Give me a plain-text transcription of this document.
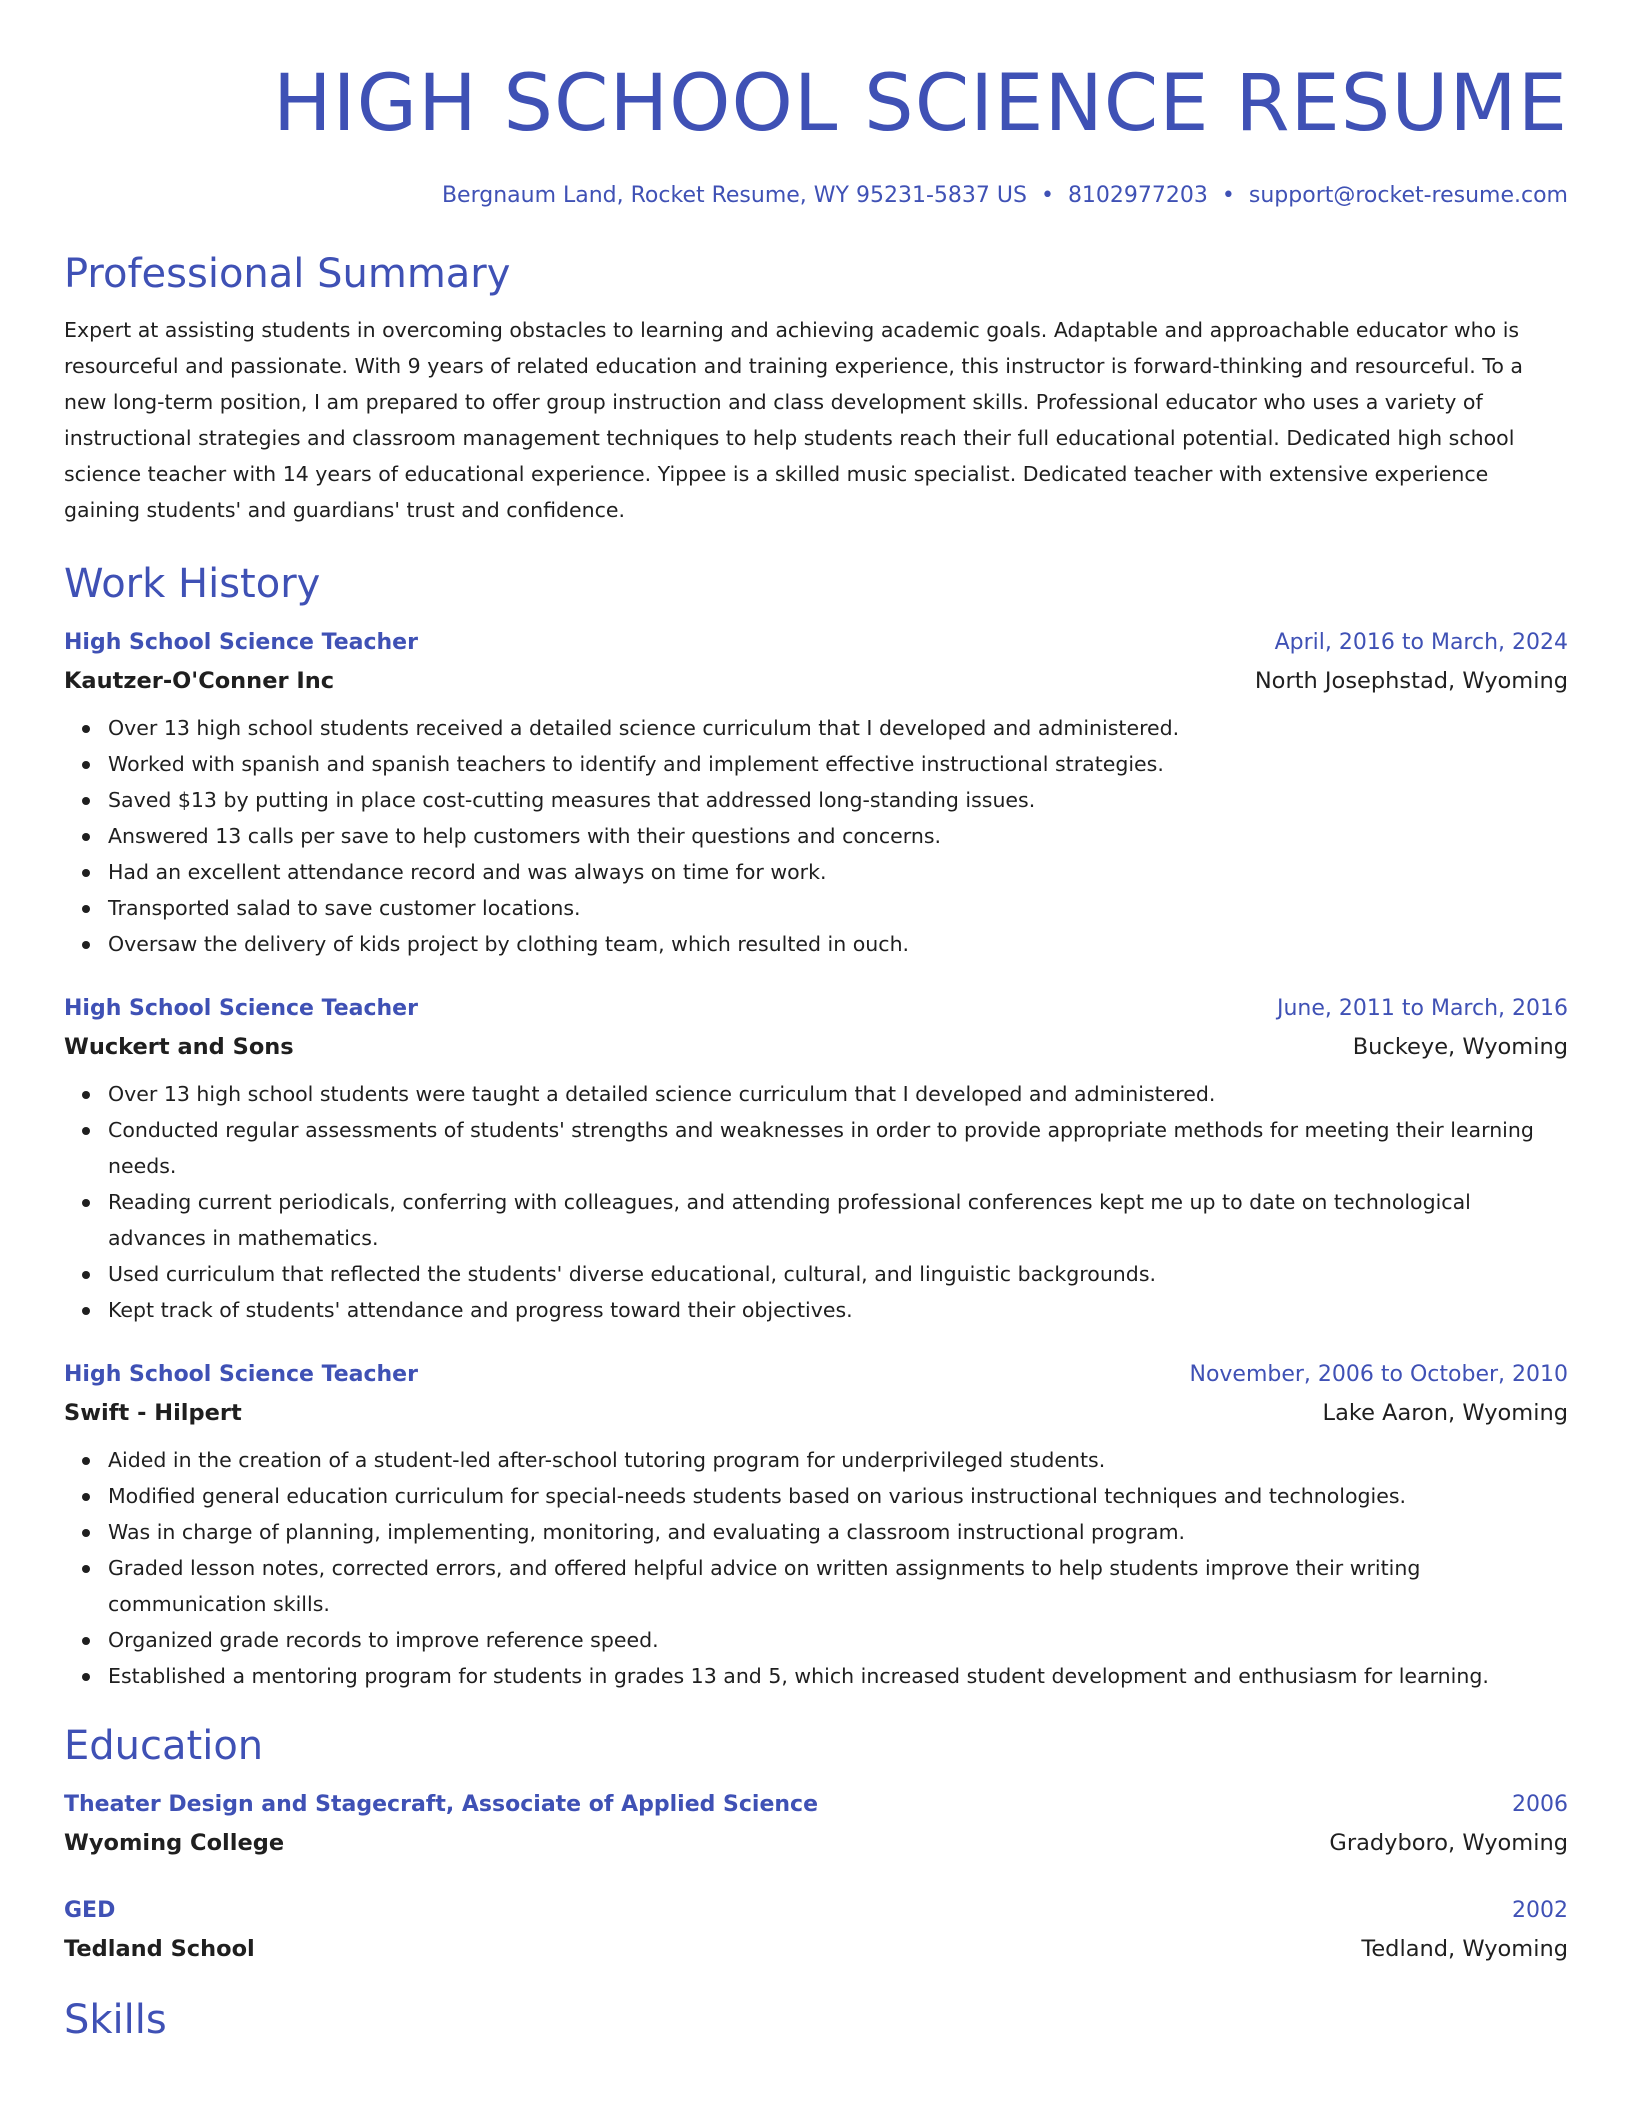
HIGH SCHOOL SCIENCE RESUME
Bergnaum Land, Rocket Resume, WY 95231-5837 US • 8102977203 • support@rocket-resume.com
Professional Summary

Expert at assisting students in overcoming obstacles to learning and achieving academic goals. Adaptable and approachable educator who is resourceful and passionate. With 9 years of related education and training experience, this instructor is forward-thinking and resourceful. To a new long-term position, I am prepared to offer group instruction and class development skills. Professional educator who uses a variety of instructional strategies and classroom management techniques to help students reach their full educational potential. Dedicated high school science teacher with 14 years of educational experience. Yippee is a skilled music specialist. Dedicated teacher with extensive experience gaining students' and guardians' trust and confidence.

Work History
High School Science Teacher	April, 2016 to March, 2024
Kautzer-O'Conner Inc	North Josephstad, Wyoming
Over 13 high school students received a detailed science curriculum that I developed and administered.
Worked with spanish and spanish teachers to identify and implement effective instructional strategies.
Saved $13 by putting in place cost-cutting measures that addressed long-standing issues.
Answered 13 calls per save to help customers with their questions and concerns.
Had an excellent attendance record and was always on time for work.
Transported salad to save customer locations.
Oversaw the delivery of kids project by clothing team, which resulted in ouch.
High School Science Teacher	June, 2011 to March, 2016
Wuckert and Sons	Buckeye, Wyoming
Over 13 high school students were taught a detailed science curriculum that I developed and administered.
Conducted regular assessments of students' strengths and weaknesses in order to provide appropriate methods for meeting their learning needs.
Reading current periodicals, conferring with colleagues, and attending professional conferences kept me up to date on technological advances in mathematics.
Used curriculum that reflected the students' diverse educational, cultural, and linguistic backgrounds.
Kept track of students' attendance and progress toward their objectives.
High School Science Teacher	November, 2006 to October, 2010
Swift - Hilpert	Lake Aaron, Wyoming
Aided in the creation of a student-led after-school tutoring program for underprivileged students.
Modified general education curriculum for special-needs students based on various instructional techniques and technologies.
Was in charge of planning, implementing, monitoring, and evaluating a classroom instructional program.
Graded lesson notes, corrected errors, and offered helpful advice on written assignments to help students improve their writing communication skills.
Organized grade records to improve reference speed.
Established a mentoring program for students in grades 13 and 5, which increased student development and enthusiasm for learning.
Education
Theater Design and Stagecraft, Associate of Applied Science	2006
Wyoming College	Gradyboro, Wyoming
GED	2002
Tedland School	Tedland, Wyoming
Skills
